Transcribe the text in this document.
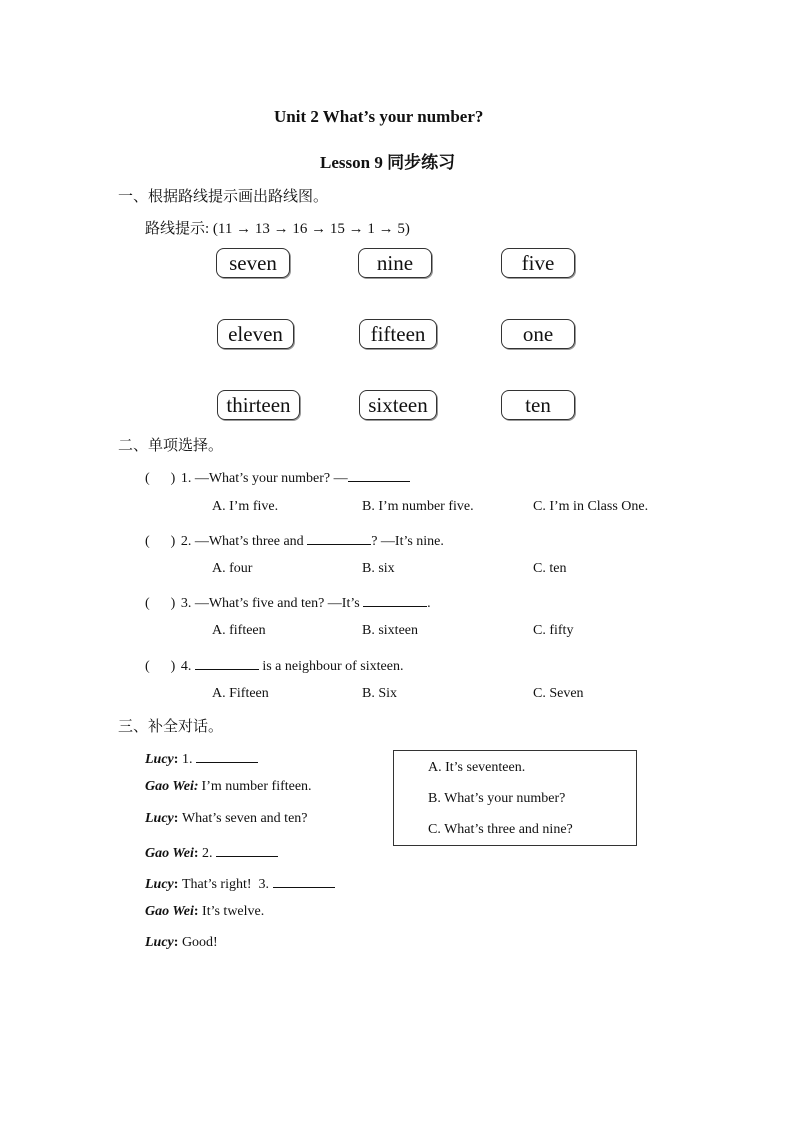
Unit 2 What’s your number?
Lesson 9 同步练习
一、根据路线提示画出路线图。
路线提示: (11 → 13 → 16 → 15 → 1 → 5)
seven	nine	five
eleven	fifteen	one
thirteen	sixteen	ten
二、单项选择。
(      ) 1. —What’s your number? —
A. I’m five.	B. I’m number five.	C. I’m in Class One.
(      ) 2. —What’s three and	? —It’s nine.
A. four	B. six	C. ten
(      ) 3. —What’s five and ten? —It’s	.
A. fifteen	B. sixteen	C. fifty
(      ) 4.	is a neighbour of sixteen.
A. Fifteen	B. Six	C. Seven
三、补全对话。
Lucy: 1.
Gao Wei: I’m number fifteen.
Lucy: What’s seven and ten?
Gao Wei: 2.
Lucy: That’s right!  3.
Gao Wei: It’s twelve.
Lucy: Good!
A. It’s seventeen.
B. What’s your number?
C. What’s three and nine?
